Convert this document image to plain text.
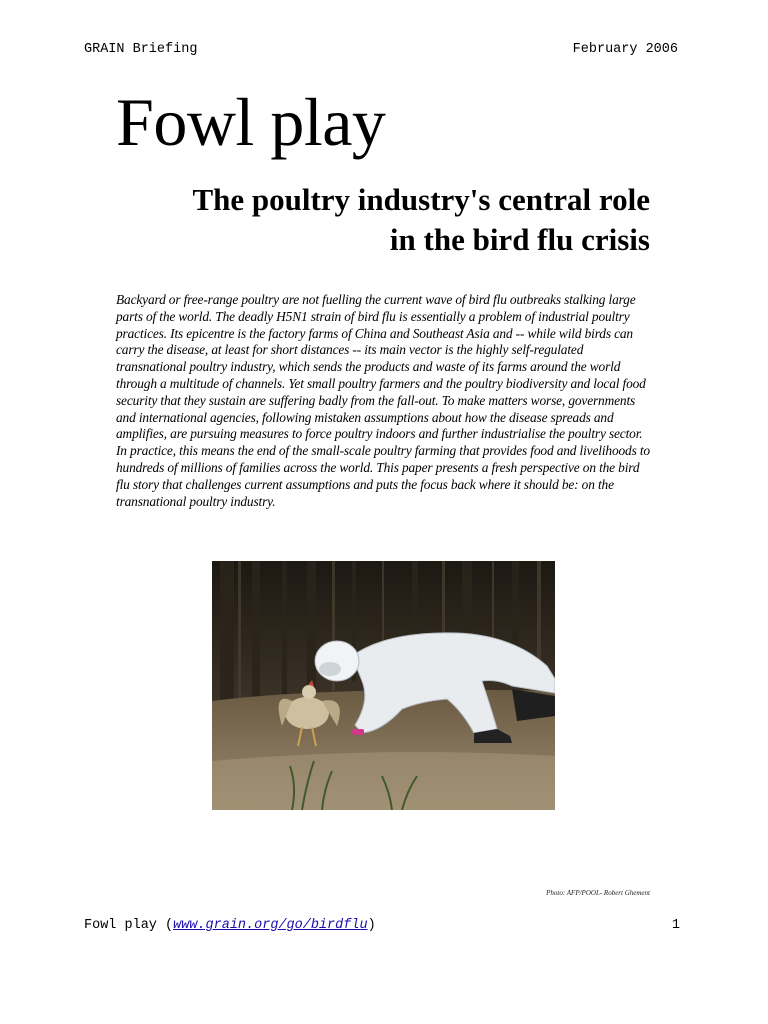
GRAIN Briefing	February 2006
Fowl play
The poultry industry's central role
in the bird flu crisis

Backyard or free-range poultry are not fuelling the current wave of bird flu outbreaks stalking large parts of the world. The deadly H5N1 strain of bird flu is essentially a problem of industrial poultry practices. Its epicentre is the factory farms of China and Southeast Asia and -- while wild birds can carry the disease, at least for short distances -- its main vector is the highly self-regulated transnational poultry industry, which sends the products and waste of its farms around the world through a multitude of channels. Yet small poultry farmers and the poultry biodiversity and local food security that they sustain are suffering badly from the fall-out. To make matters worse, governments and international agencies, following mistaken assumptions about how the disease spreads and amplifies, are pursuing measures to force poultry indoors and further industrialise the poultry sector. In practice, this means the end of the small-scale poultry farming that provides food and livelihoods to hundreds of millions of families across the world. This paper presents a fresh perspective on the bird flu story that challenges current assumptions and puts the focus back where it should be: on the transnational poultry industry.

Photo: AFP/POOL- Robert Ghement
Fowl play (www.grain.org/go/birdflu)	1
